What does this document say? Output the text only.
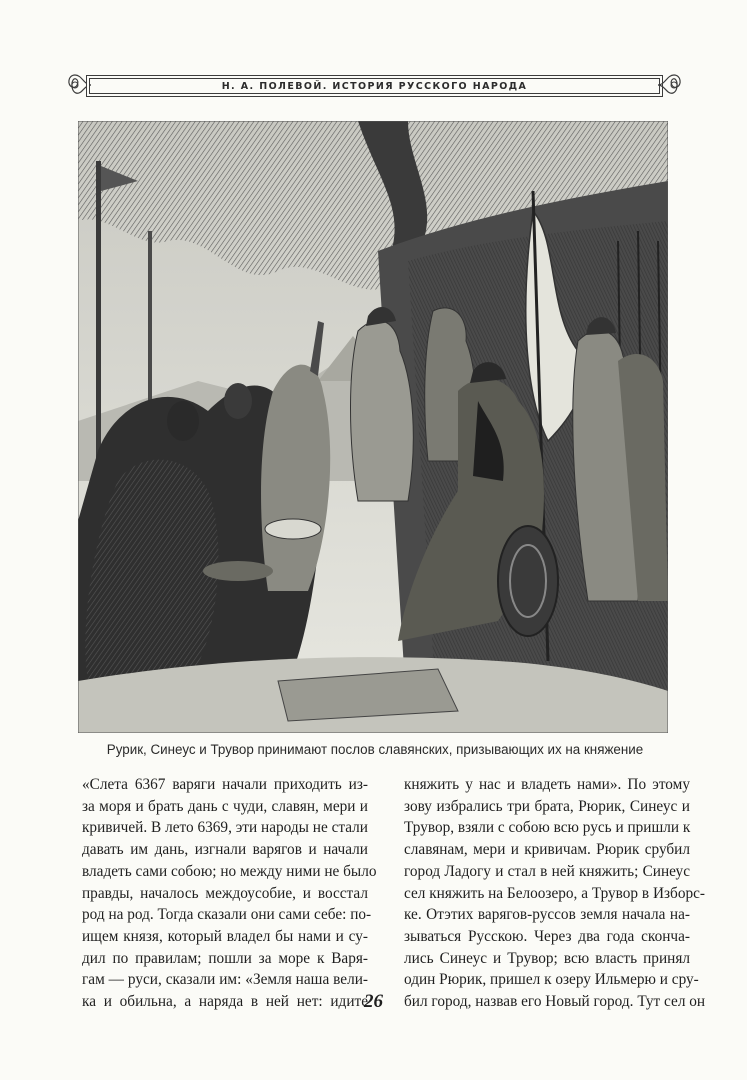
Н. А. ПОЛЕВОЙ. ИСТОРИЯ РУССКОГО НАРОДА
Рурик, Синеус и Трувор принимают послов славянских, призывающих их на княжение
«Слета 6367 варяги начали приходить из-
за моря и брать дань с чуди, славян, мери и
кривичей. В лето 6369, эти народы не стали
давать им дань, изгнали варягов и начали
владеть сами собою; но между ними не было
правды, началось междоусобие, и восстал
род на род. Тогда сказали они сами себе: по-
ищем князя, который владел бы нами и су-
дил по правилам; пошли за море к Варя-
гам — руси, сказали им: «Земля наша вели-
ка и обильна, а наряда в ней нет: идите
княжить у нас и владеть нами». По этому
зову избрались три брата, Рюрик, Синеус и
Трувор, взяли с собою всю русь и пришли к
славянам, мери и кривичам. Рюрик срубил
город Ладогу и стал в ней княжить; Синеус
сел княжить на Белоозеро, а Трувор в Изборс-
ке. Отэтих варягов-руссов земля начала на-
зываться Русскою. Через два года сконча-
лись Синеус и Трувор; всю власть принял
один Рюрик, пришел к озеру Ильмерю и сру-
бил город, назвав его Новый город. Тут сел он
26
